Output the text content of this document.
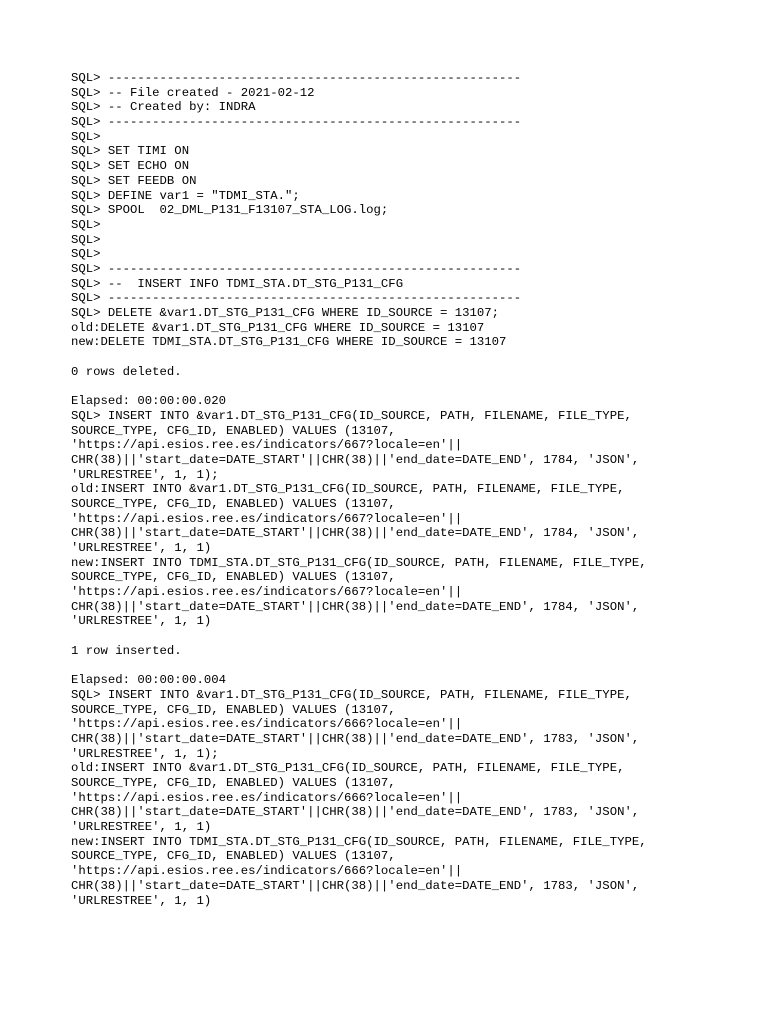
SQL> --------------------------------------------------------
SQL> -- File created - 2021-02-12
SQL> -- Created by: INDRA
SQL> --------------------------------------------------------
SQL>
SQL> SET TIMI ON
SQL> SET ECHO ON
SQL> SET FEEDB ON
SQL> DEFINE var1 = "TDMI_STA.";
SQL> SPOOL  02_DML_P131_F13107_STA_LOG.log;
SQL>
SQL>
SQL>
SQL> --------------------------------------------------------
SQL> --  INSERT INFO TDMI_STA.DT_STG_P131_CFG
SQL> --------------------------------------------------------
SQL> DELETE &var1.DT_STG_P131_CFG WHERE ID_SOURCE = 13107;
old:DELETE &var1.DT_STG_P131_CFG WHERE ID_SOURCE = 13107
new:DELETE TDMI_STA.DT_STG_P131_CFG WHERE ID_SOURCE = 13107
0 rows deleted.
Elapsed: 00:00:00.020
SQL> INSERT INTO &var1.DT_STG_P131_CFG(ID_SOURCE, PATH, FILENAME, FILE_TYPE,
SOURCE_TYPE, CFG_ID, ENABLED) VALUES (13107,
'https://api.esios.ree.es/indicators/667?locale=en'||
CHR(38)||'start_date=DATE_START'||CHR(38)||'end_date=DATE_END', 1784, 'JSON',
'URLRESTREE', 1, 1);
old:INSERT INTO &var1.DT_STG_P131_CFG(ID_SOURCE, PATH, FILENAME, FILE_TYPE,
SOURCE_TYPE, CFG_ID, ENABLED) VALUES (13107,
'https://api.esios.ree.es/indicators/667?locale=en'||
CHR(38)||'start_date=DATE_START'||CHR(38)||'end_date=DATE_END', 1784, 'JSON',
'URLRESTREE', 1, 1)
new:INSERT INTO TDMI_STA.DT_STG_P131_CFG(ID_SOURCE, PATH, FILENAME, FILE_TYPE,
SOURCE_TYPE, CFG_ID, ENABLED) VALUES (13107,
'https://api.esios.ree.es/indicators/667?locale=en'||
CHR(38)||'start_date=DATE_START'||CHR(38)||'end_date=DATE_END', 1784, 'JSON',
'URLRESTREE', 1, 1)
1 row inserted.
Elapsed: 00:00:00.004
SQL> INSERT INTO &var1.DT_STG_P131_CFG(ID_SOURCE, PATH, FILENAME, FILE_TYPE,
SOURCE_TYPE, CFG_ID, ENABLED) VALUES (13107,
'https://api.esios.ree.es/indicators/666?locale=en'||
CHR(38)||'start_date=DATE_START'||CHR(38)||'end_date=DATE_END', 1783, 'JSON',
'URLRESTREE', 1, 1);
old:INSERT INTO &var1.DT_STG_P131_CFG(ID_SOURCE, PATH, FILENAME, FILE_TYPE,
SOURCE_TYPE, CFG_ID, ENABLED) VALUES (13107,
'https://api.esios.ree.es/indicators/666?locale=en'||
CHR(38)||'start_date=DATE_START'||CHR(38)||'end_date=DATE_END', 1783, 'JSON',
'URLRESTREE', 1, 1)
new:INSERT INTO TDMI_STA.DT_STG_P131_CFG(ID_SOURCE, PATH, FILENAME, FILE_TYPE,
SOURCE_TYPE, CFG_ID, ENABLED) VALUES (13107,
'https://api.esios.ree.es/indicators/666?locale=en'||
CHR(38)||'start_date=DATE_START'||CHR(38)||'end_date=DATE_END', 1783, 'JSON',
'URLRESTREE', 1, 1)
